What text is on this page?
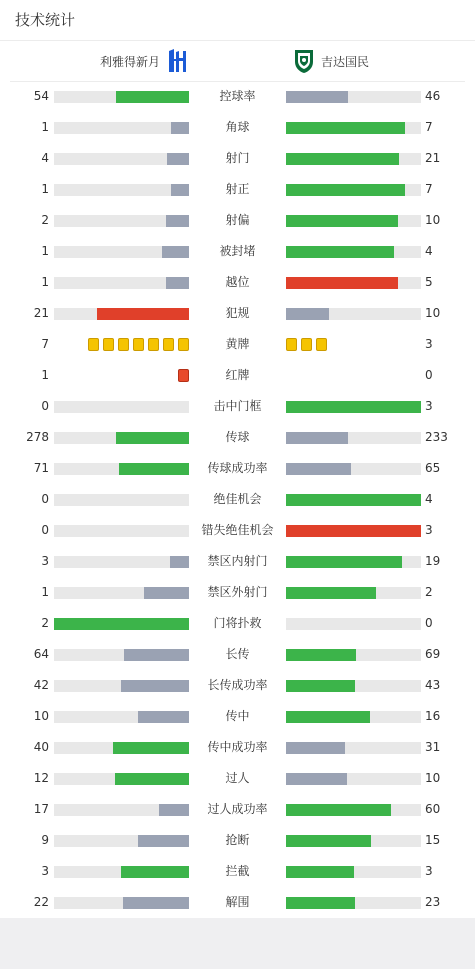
技术统计
利雅得新月	吉达国民
54	控球率	46
1	角球	7
4	射门	21
1	射正	7
2	射偏	10
1	被封堵	4
1	越位	5
21	犯规	10
7	黄牌	3
1	红牌	0
0	击中门框	3
278	传球	233
71	传球成功率	65
0	绝佳机会	4
0	错失绝佳机会	3
3	禁区内射门	19
1	禁区外射门	2
2	门将扑救	0
64	长传	69
42	长传成功率	43
10	传中	16
40	传中成功率	31
12	过人	10
17	过人成功率	60
9	抢断	15
3	拦截	3
22	解围	23
